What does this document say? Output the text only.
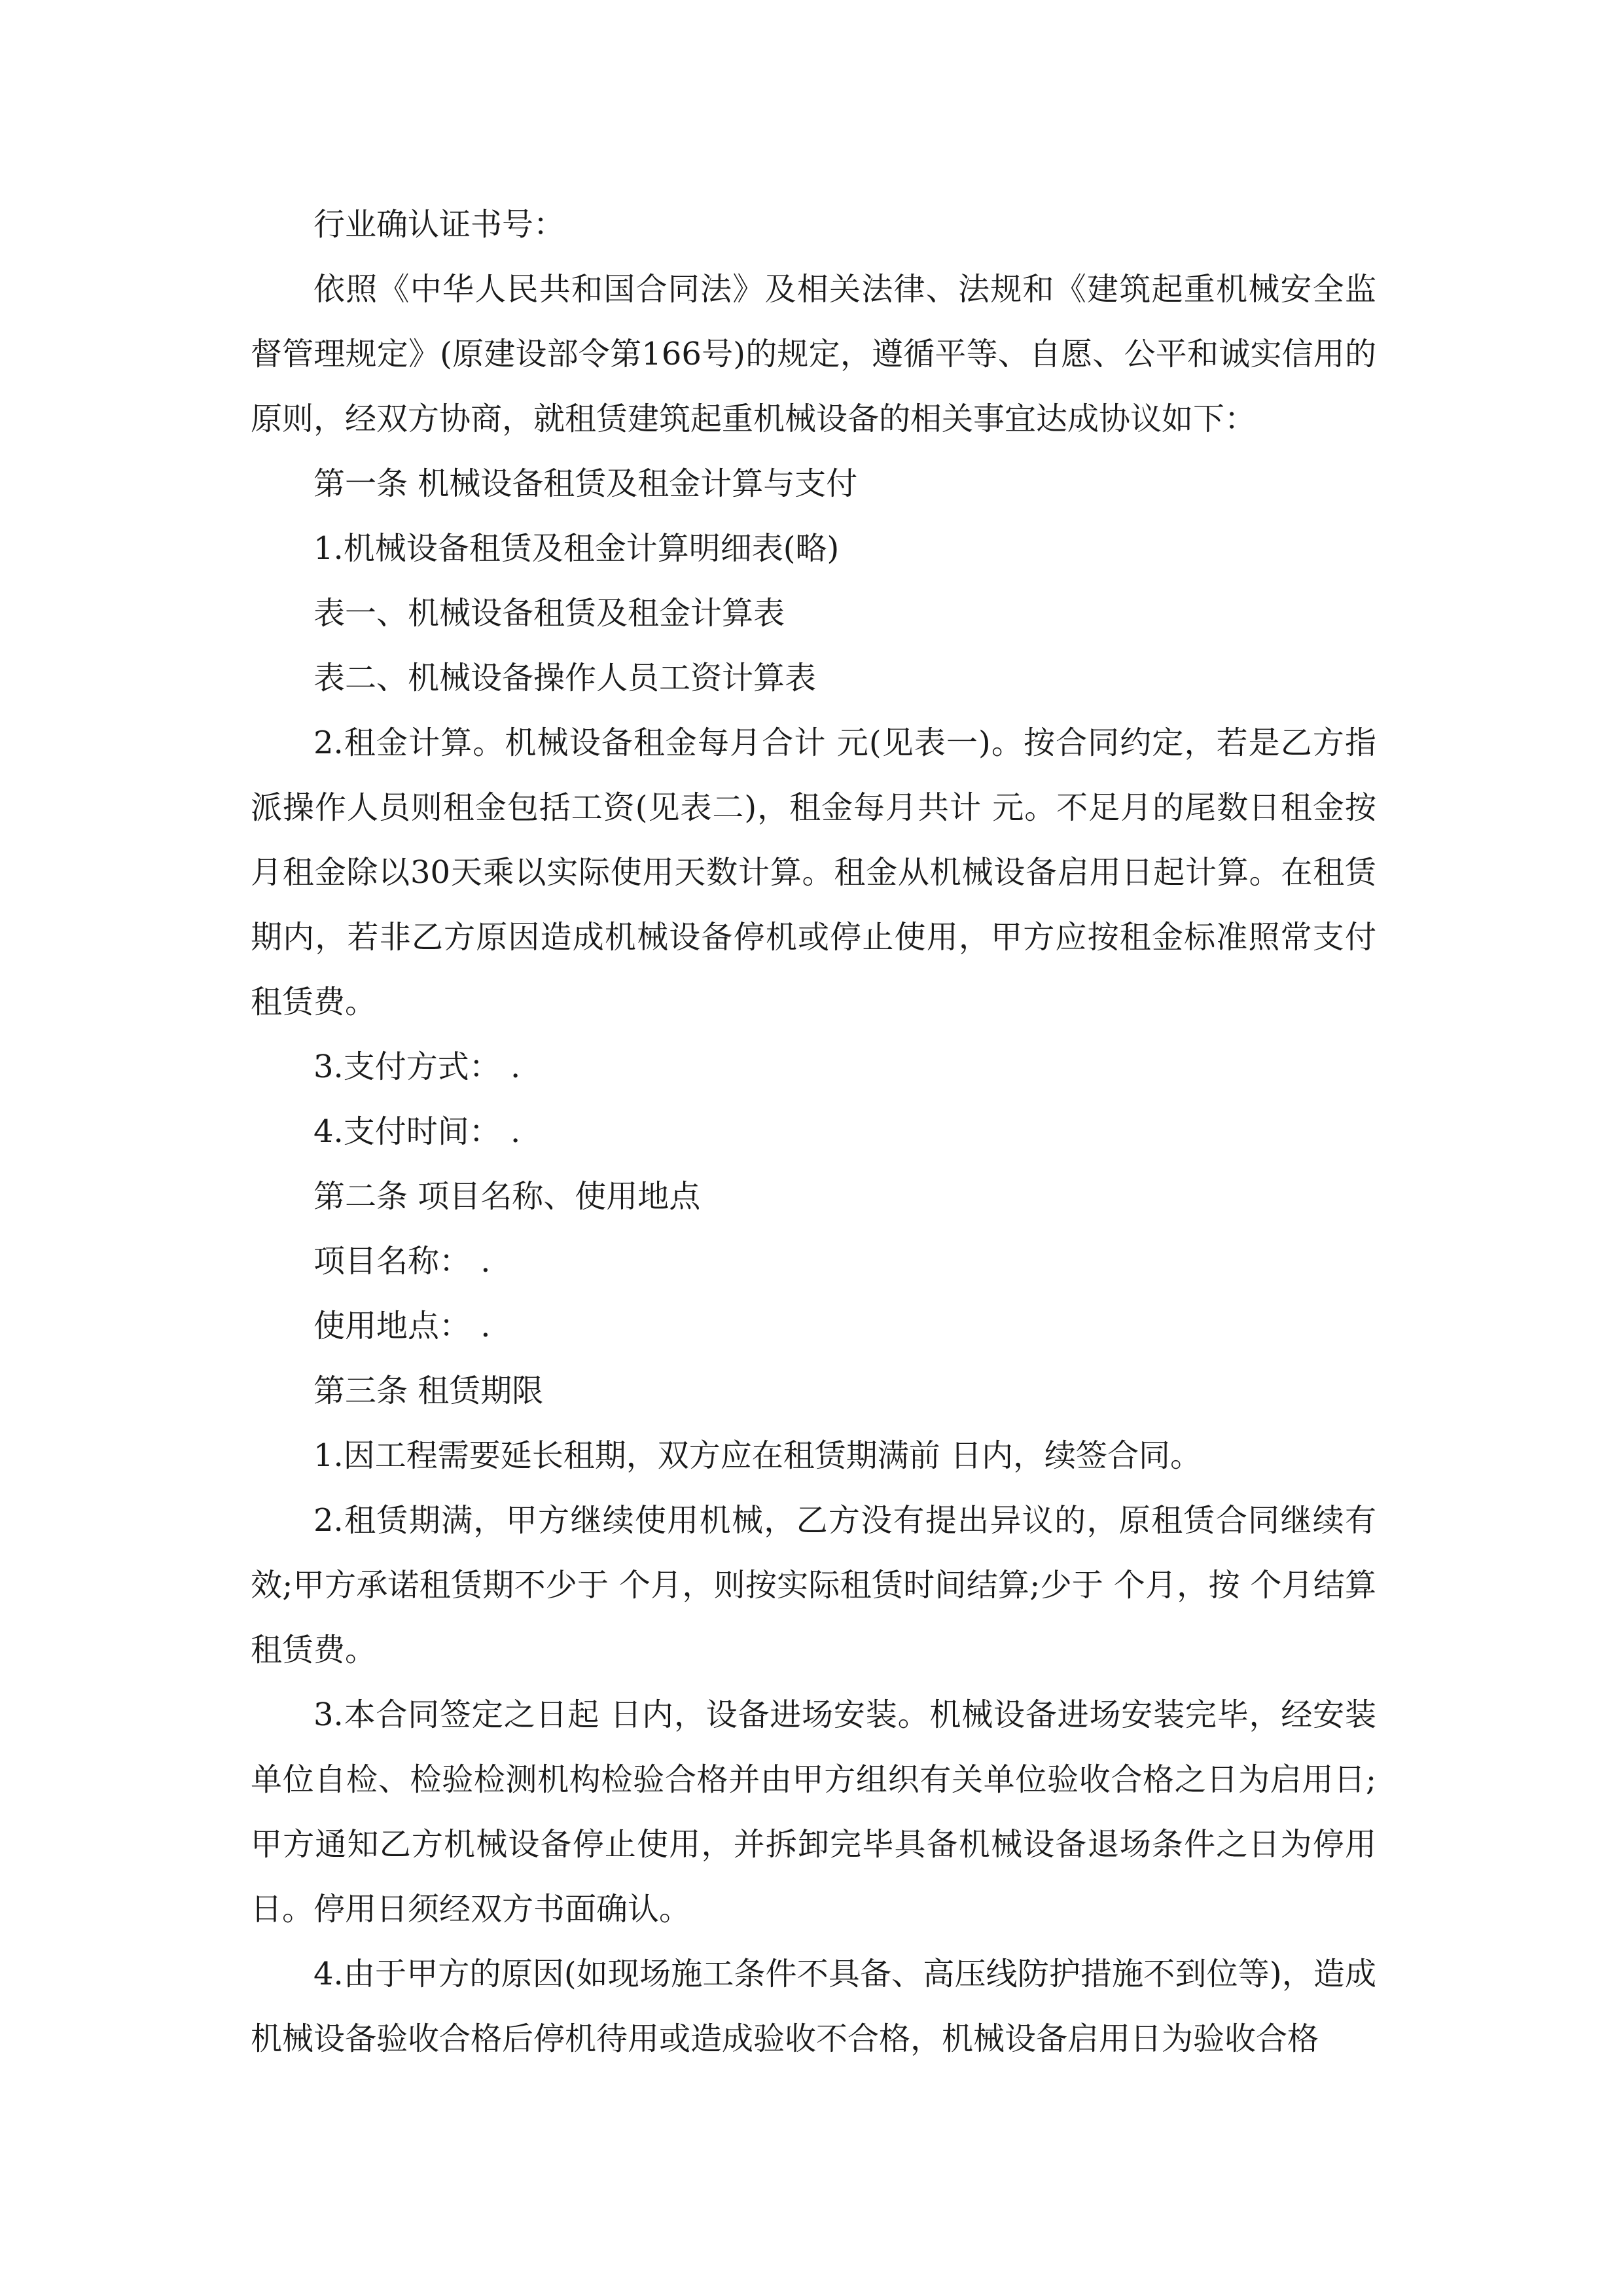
行业确认证书号：

依照《中华人民共和国合同法》及相关法律、法规和《建筑起重机械安全监督管理规定》(原建设部令第166号)的规定，遵循平等、自愿、公平和诚实信用的原则，经双方协商，就租赁建筑起重机械设备的相关事宜达成协议如下：

第一条 机械设备租赁及租金计算与支付

1.机械设备租赁及租金计算明细表(略)

表一、机械设备租赁及租金计算表

表二、机械设备操作人员工资计算表

2.租金计算。机械设备租金每月合计 元(见表一)。按合同约定，若是乙方指派操作人员则租金包括工资(见表二)，租金每月共计 元。不足月的尾数日租金按月租金除以30天乘以实际使用天数计算。租金从机械设备启用日起计算。在租赁期内，若非乙方原因造成机械设备停机或停止使用，甲方应按租金标准照常支付租赁费。

3.支付方式： .

4.支付时间： .

第二条 项目名称、使用地点

项目名称： .

使用地点： .

第三条 租赁期限

1.因工程需要延长租期，双方应在租赁期满前 日内，续签合同。

2.租赁期满，甲方继续使用机械，乙方没有提出异议的，原租赁合同继续有效;甲方承诺租赁期不少于 个月，则按实际租赁时间结算;少于 个月，按 个月结算租赁费。

3.本合同签定之日起 日内，设备进场安装。机械设备进场安装完毕，经安装单位自检、检验检测机构检验合格并由甲方组织有关单位验收合格之日为启用日;甲方通知乙方机械设备停止使用，并拆卸完毕具备机械设备退场条件之日为停用日。停用日须经双方书面确认。

4.由于甲方的原因(如现场施工条件不具备、高压线防护措施不到位等)，造成机械设备验收合格后停机待用或造成验收不合格，机械设备启用日为验收合格
